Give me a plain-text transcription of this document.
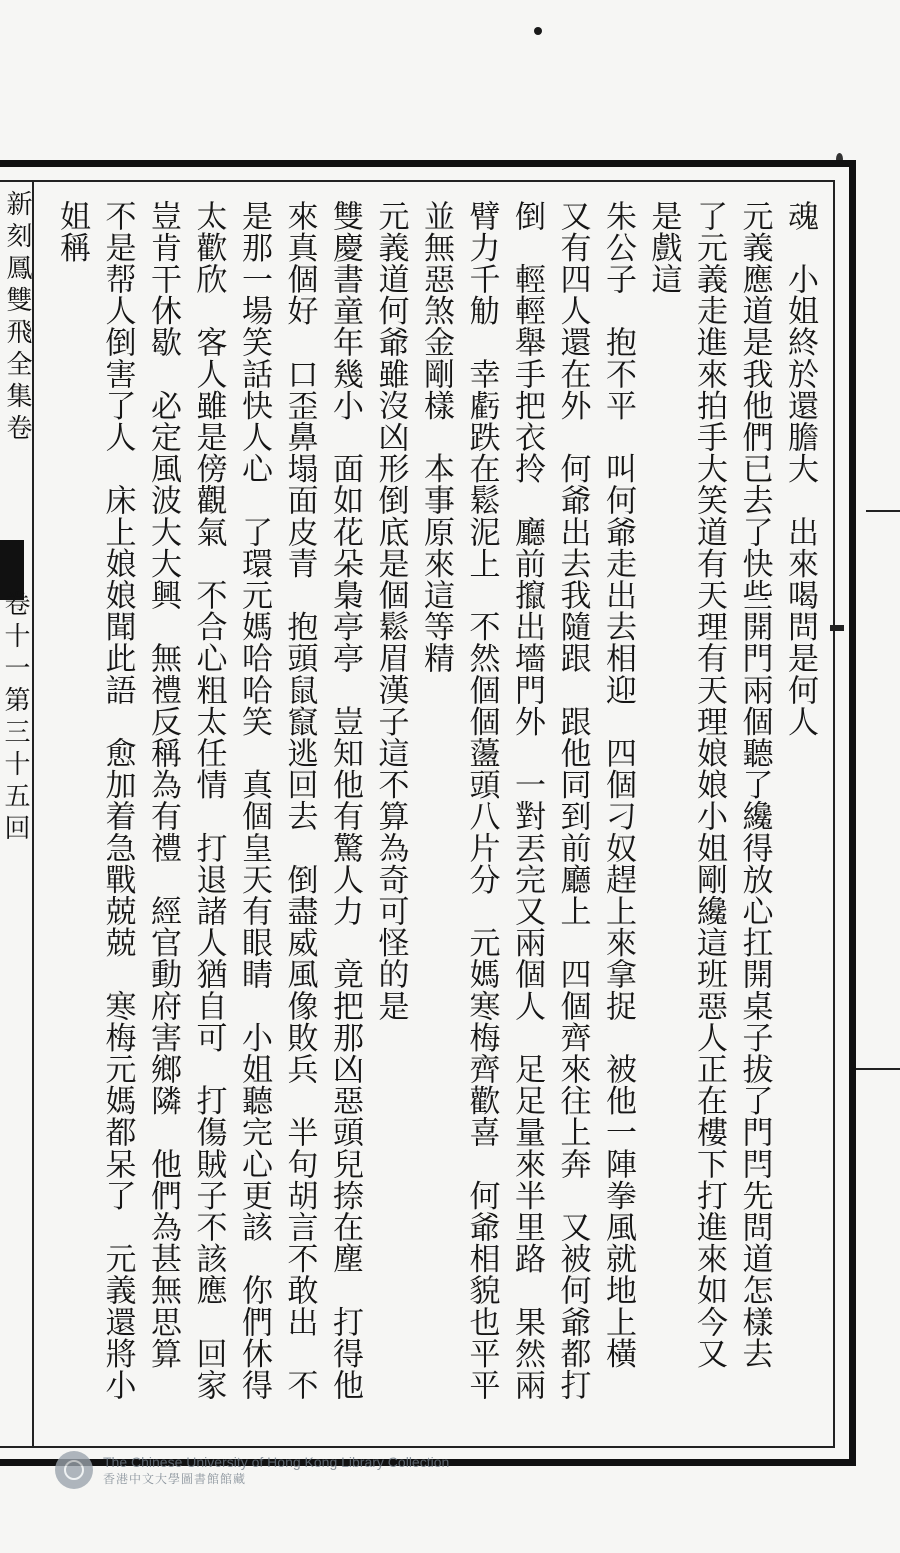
新刻鳳雙飛全集卷
卷十一第三十五回	魂　小姐終於還膽大　出來喝問是何人
元義應道是我他們已去了快些開門兩個聽了纔得放心扛開桌子拔了門閂先問道怎樣去
了元義走進來拍手大笑道有天理有天理娘娘小姐剛纔這班惡人正在樓下打進來如今又
是戲這
朱公子　抱不平　叫何爺走出去相迎　四個刁奴趕上來拿捉　被他一陣拳風就地上橫
又有四人還在外　何爺出去我隨跟　跟他同到前廳上　四個齊來往上奔　又被何爺都打
倒　輕輕舉手把衣拎　廳前攛出墻門外　一對丟完又兩個人　足足量來半里路　果然兩
臂力千觔　幸虧跌在鬆泥上　不然個個蘯頭八片分　元媽寒梅齊歡喜　何爺相貌也平平
並無惡煞金剛樣　本事原來這等精
元義道何爺雖沒凶形倒底是個鬆眉漢子這不算為奇可怪的是
雙慶書童年幾小　面如花朵梟亭亭　豈知他有驚人力　竟把那凶惡頭兒捺在塵　打得他
來真個好　口歪鼻塌面皮青　抱頭鼠竄逃回去　倒盡威風像敗兵　半句胡言不敢出　不
是那一場笑話快人心　了環元媽哈哈笑　真個皇天有眼睛　小姐聽完心更該　你們休得
太歡欣　客人雖是傍觀氣　不合心粗太任情　打退諸人猶自可　打傷賊子不該應　回家
豈肯干休歇　必定風波大大興　無禮反稱為有禮　經官動府害鄉隣　他們為甚無思算
不是帮人倒害了人　床上娘娘聞此語　愈加着急戰兢兢　寒梅元媽都呆了　元義還將小
姐稱
The Chinese University of Hong Kong Library Collection
香港中文大學圖書館館藏
